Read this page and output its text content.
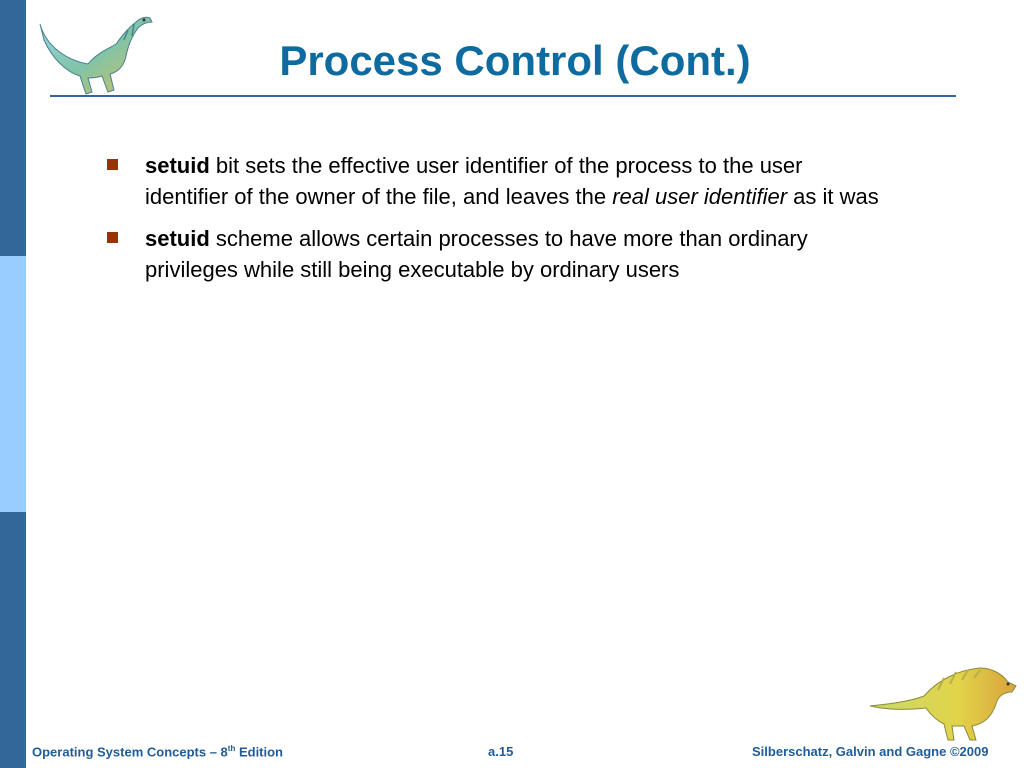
Process Control (Cont.)
setuid bit sets the effective user identifier of the process to the user identifier of the owner of the file, and leaves the real user identifier as it was
setuid scheme allows certain processes to have more than ordinary privileges while still being executable by ordinary users
Operating System Concepts – 8th Edition	a.15	Silberschatz, Galvin and Gagne ©2009
